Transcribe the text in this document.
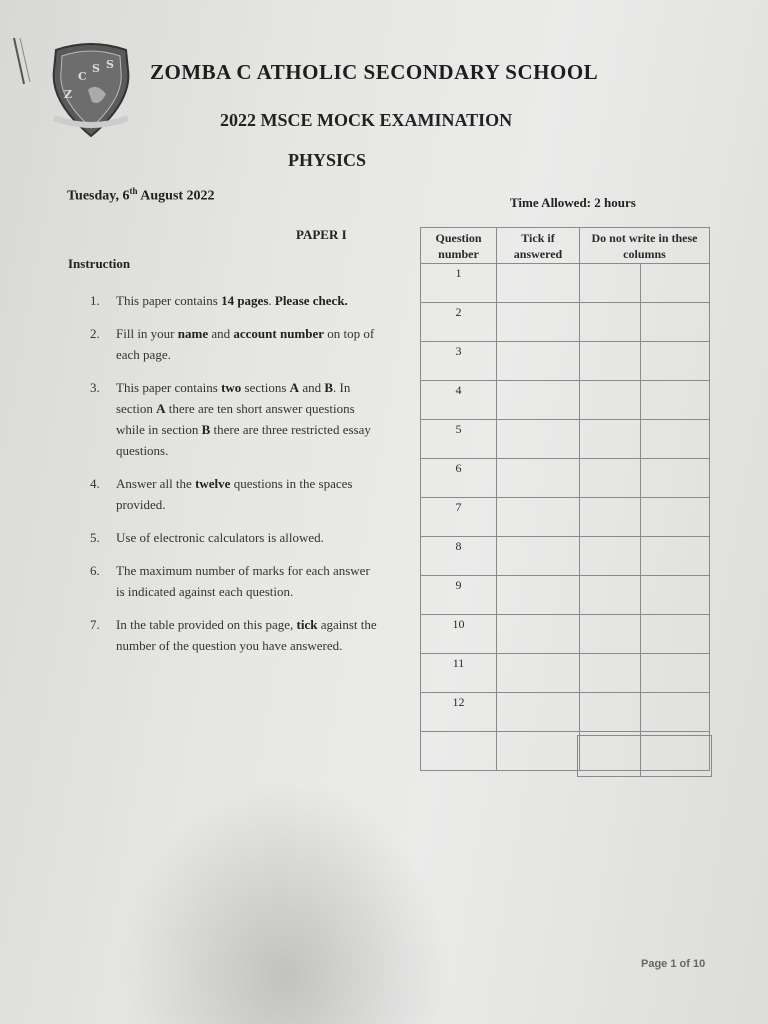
C
S S
Z
ZOMBA C ATHOLIC SECONDARY SCHOOL
2022 MSCE MOCK EXAMINATION
PHYSICS
Tuesday, 6th August 2022	Time Allowed: 2 hours
PAPER I
Instruction
1. This paper contains 14 pages. Please check.
2. Fill in your name and account number on top of each page.
3. This paper contains two sections A and B. In section A there are ten short answer questions while in section B there are three restricted essay questions.
4. Answer all the twelve questions in the spaces provided.
5. Use of electronic calculators is allowed.
6. The maximum number of marks for each answer is indicated against each question.
7. In the table provided on this page, tick against the number of the question you have answered.
Question number	Tick if answered	Do not write in these columns	
1			
2			
3			
4			
5			
6			
7			
8			
9			
10			
11			
12			

Page 1 of 10
